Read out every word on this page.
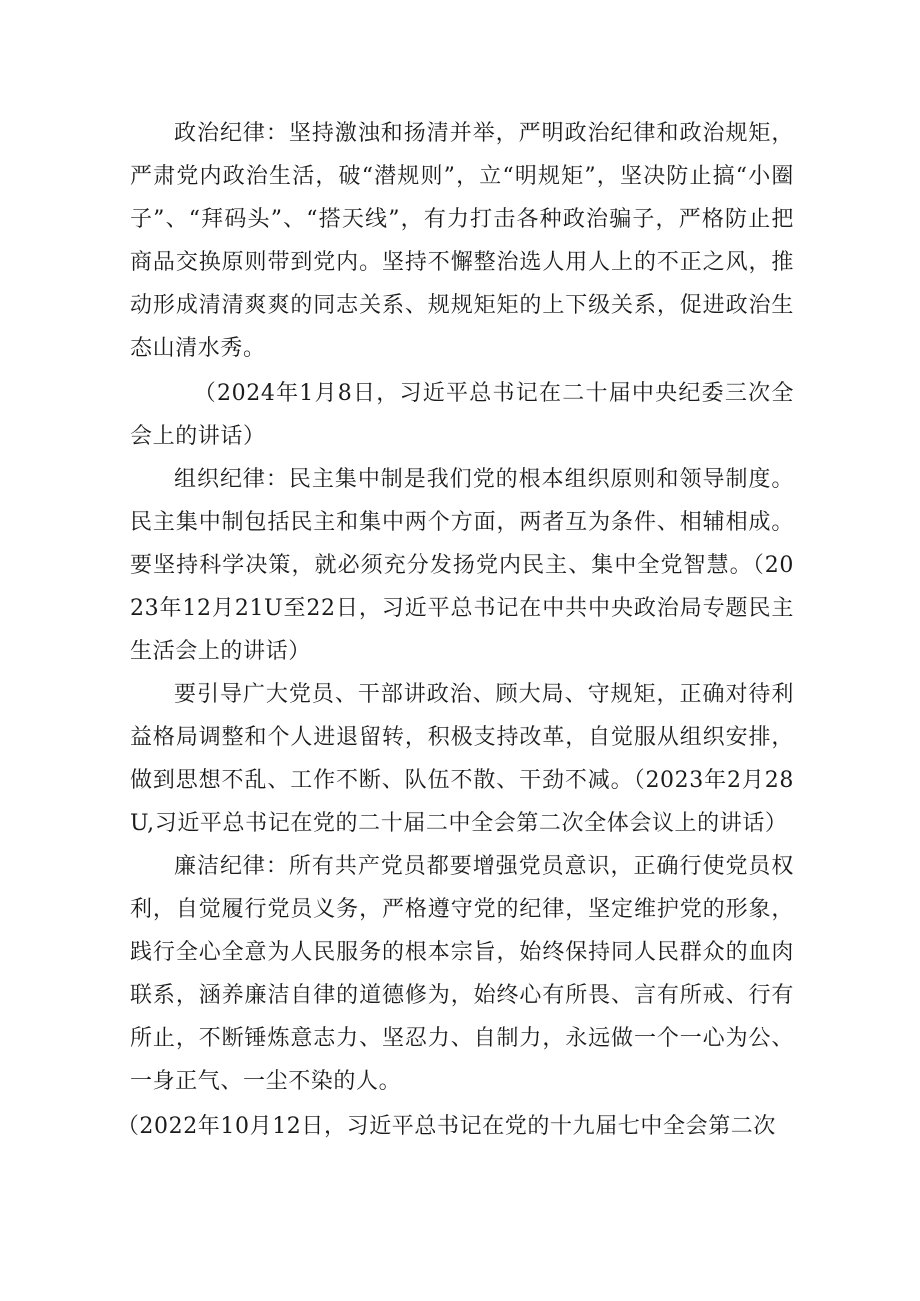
政治纪律：坚持激浊和扬清并举，严明政治纪律和政治规矩，严肃党内政治生活，破“潜规则”，立“明规矩”，坚决防止搞“小圈子”、“拜码头”、“搭天线”，有力打击各种政治骗子，严格防止把商品交换原则带到党内。坚持不懈整治选人用人上的不正之风，推动形成清清爽爽的同志关系、规规矩矩的上下级关系，促进政治生态山清水秀。

（2024年1月8日，习近平总书记在二十届中央纪委三次全会上的讲话）

组织纪律：民主集中制是我们党的根本组织原则和领导制度。民主集中制包括民主和集中两个方面，两者互为条件、相辅相成。要坚持科学决策，就必须充分发扬党内民主、集中全党智慧。（2023年12月21U至22日，习近平总书记在中共中央政治局专题民主生活会上的讲话）

要引导广大党员、干部讲政治、顾大局、守规矩，正确对待利益格局调整和个人进退留转，积极支持改革，自觉服从组织安排，做到思想不乱、工作不断、队伍不散、干劲不减。（2023年2月28U,习近平总书记在党的二十届二中全会第二次全体会议上的讲话）

廉洁纪律：所有共产党员都要增强党员意识，正确行使党员权利，自觉履行党员义务，严格遵守党的纪律，坚定维护党的形象，践行全心全意为人民服务的根本宗旨，始终保持同人民群众的血肉联系，涵养廉洁自律的道德修为，始终心有所畏、言有所戒、行有所止，不断锤炼意志力、坚忍力、自制力，永远做一个一心为公、一身正气、一尘不染的人。

（2022年10月12日，习近平总书记在党的十九届七中全会第二次
